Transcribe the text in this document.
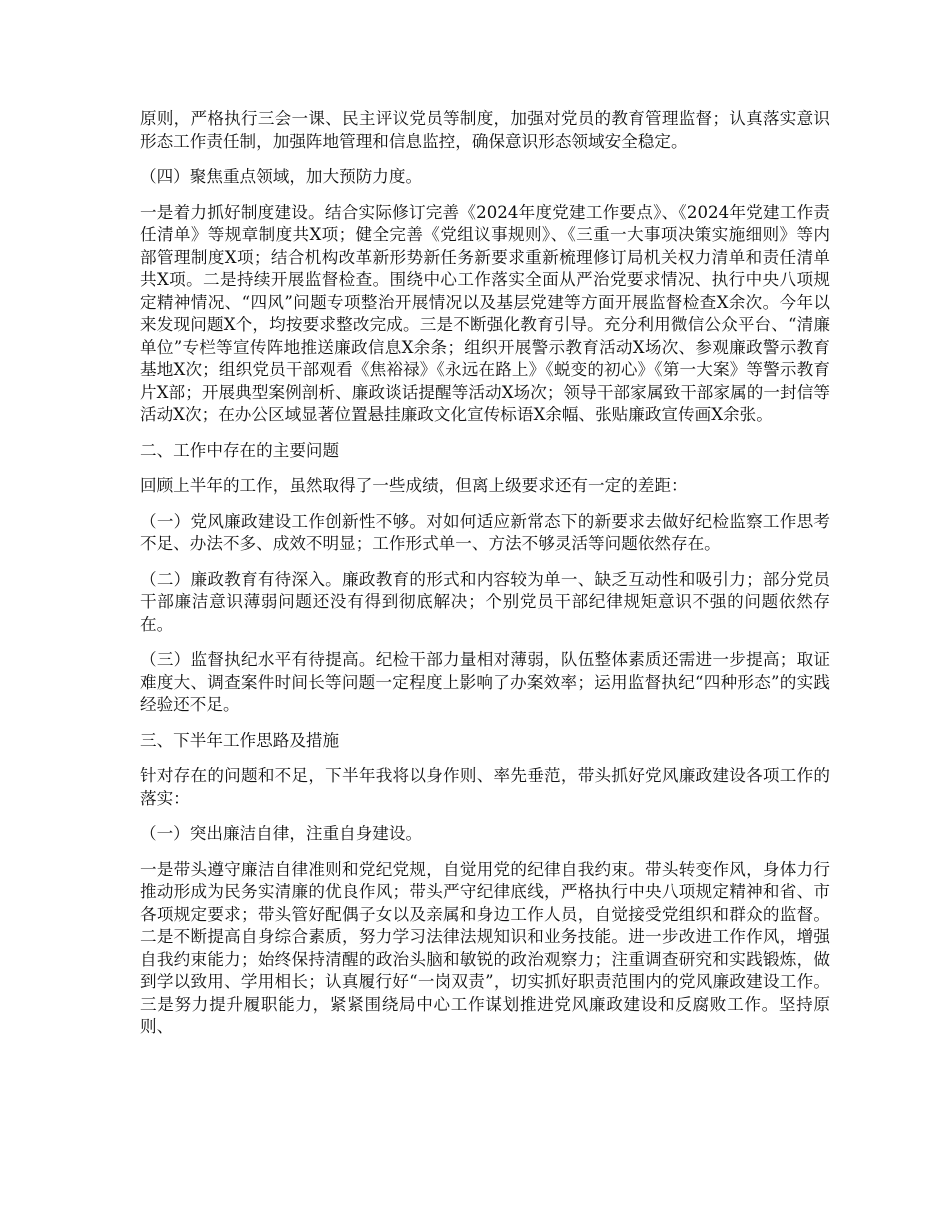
原则，严格执行三会一课、民主评议党员等制度，加强对党员的教育管理监督；认真落实意识形态工作责任制，加强阵地管理和信息监控，确保意识形态领域安全稳定。

（四）聚焦重点领域，加大预防力度。

一是着力抓好制度建设。结合实际修订完善《2024年度党建工作要点》、《2024年党建工作责任清单》等规章制度共X项；健全完善《党组议事规则》、《三重一大事项决策实施细则》等内部管理制度X项；结合机构改革新形势新任务新要求重新梳理修订局机关权力清单和责任清单共X项。二是持续开展监督检查。围绕中心工作落实全面从严治党要求情况、执行中央八项规定精神情况、“四风”问题专项整治开展情况以及基层党建等方面开展监督检查X余次。今年以来发现问题X个，均按要求整改完成。三是不断强化教育引导。充分利用微信公众平台、“清廉单位”专栏等宣传阵地推送廉政信息X余条；组织开展警示教育活动X场次、参观廉政警示教育基地X次；组织党员干部观看《焦裕禄》《永远在路上》《蜕变的初心》《第一大案》等警示教育片X部；开展典型案例剖析、廉政谈话提醒等活动X场次；领导干部家属致干部家属的一封信等活动X次；在办公区域显著位置悬挂廉政文化宣传标语X余幅、张贴廉政宣传画X余张。

二、工作中存在的主要问题

回顾上半年的工作，虽然取得了一些成绩，但离上级要求还有一定的差距：

（一）党风廉政建设工作创新性不够。对如何适应新常态下的新要求去做好纪检监察工作思考不足、办法不多、成效不明显；工作形式单一、方法不够灵活等问题依然存在。

（二）廉政教育有待深入。廉政教育的形式和内容较为单一、缺乏互动性和吸引力；部分党员干部廉洁意识薄弱问题还没有得到彻底解决；个别党员干部纪律规矩意识不强的问题依然存在。

（三）监督执纪水平有待提高。纪检干部力量相对薄弱，队伍整体素质还需进一步提高；取证难度大、调查案件时间长等问题一定程度上影响了办案效率；运用监督执纪“四种形态”的实践经验还不足。

三、下半年工作思路及措施

针对存在的问题和不足，下半年我将以身作则、率先垂范，带头抓好党风廉政建设各项工作的落实：

（一）突出廉洁自律，注重自身建设。

一是带头遵守廉洁自律准则和党纪党规，自觉用党的纪律自我约束。带头转变作风，身体力行推动形成为民务实清廉的优良作风；带头严守纪律底线，严格执行中央八项规定精神和省、市各项规定要求；带头管好配偶子女以及亲属和身边工作人员，自觉接受党组织和群众的监督。二是不断提高自身综合素质，努力学习法律法规知识和业务技能。进一步改进工作作风，增强自我约束能力；始终保持清醒的政治头脑和敏锐的政治观察力；注重调查研究和实践锻炼，做到学以致用、学用相长；认真履行好“一岗双责”，切实抓好职责范围内的党风廉政建设工作。三是努力提升履职能力，紧紧围绕局中心工作谋划推进党风廉政建设和反腐败工作。坚持原则、
